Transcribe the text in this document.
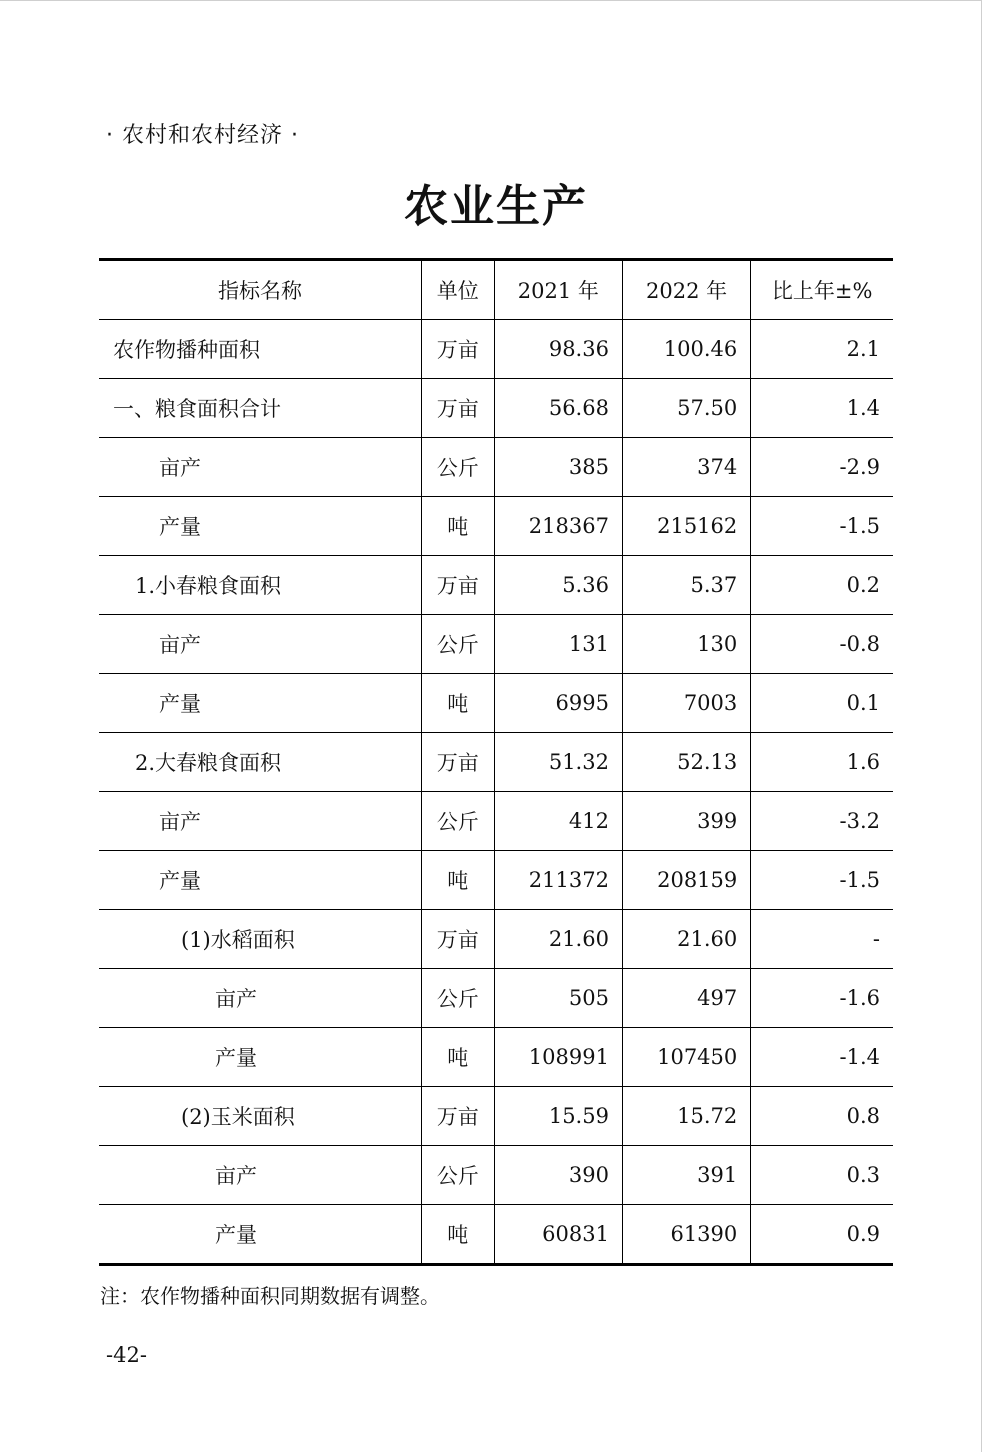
· 农村和农村经济 ·
农业生产
指标名称	单位	2021 年	2022 年	比上年±%
农作物播种面积	万亩	98.36	100.46	2.1
一、粮食面积合计	万亩	56.68	57.50	1.4
亩产	公斤	385	374	-2.9
产量	吨	218367	215162	-1.5
1.小春粮食面积	万亩	5.36	5.37	0.2
亩产	公斤	131	130	-0.8
产量	吨	6995	7003	0.1
2.大春粮食面积	万亩	51.32	52.13	1.6
亩产	公斤	412	399	-3.2
产量	吨	211372	208159	-1.5
(1)水稻面积	万亩	21.60	21.60	-
亩产	公斤	505	497	-1.6
产量	吨	108991	107450	-1.4
(2)玉米面积	万亩	15.59	15.72	0.8
亩产	公斤	390	391	0.3
产量	吨	60831	61390	0.9
注：农作物播种面积同期数据有调整。
-42-
